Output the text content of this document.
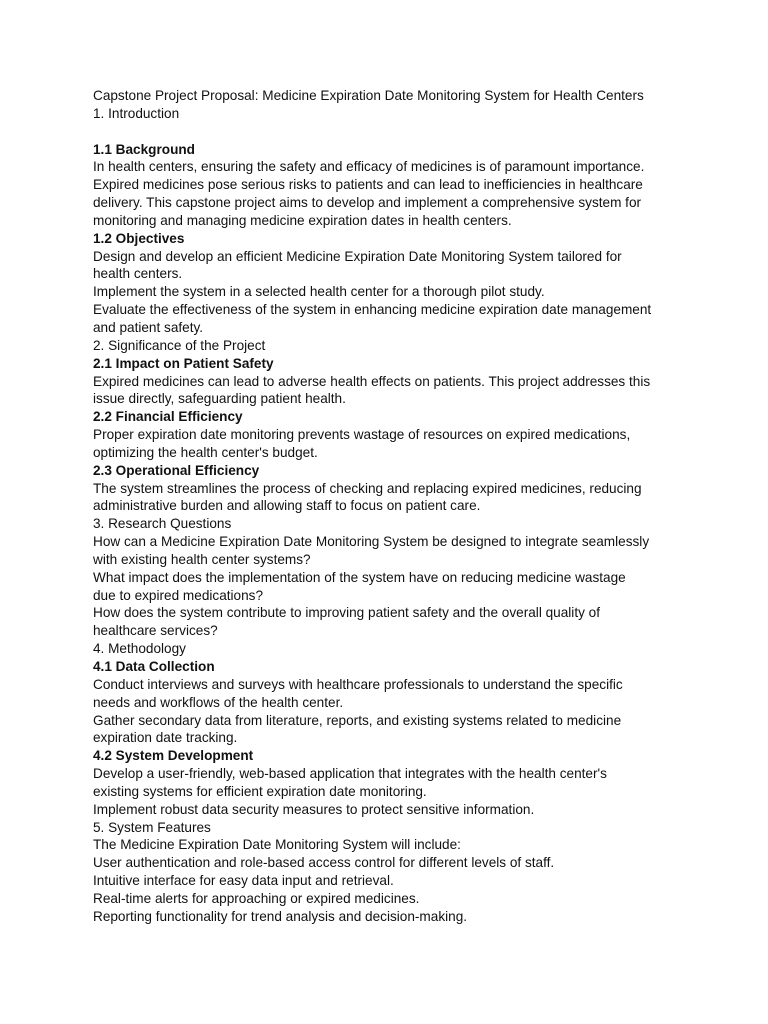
Capstone Project Proposal: Medicine Expiration Date Monitoring System for Health Centers
1. Introduction
1.1 Background
In health centers, ensuring the safety and efficacy of medicines is of paramount importance.
Expired medicines pose serious risks to patients and can lead to inefficiencies in healthcare
delivery. This capstone project aims to develop and implement a comprehensive system for
monitoring and managing medicine expiration dates in health centers.
1.2 Objectives
Design and develop an efficient Medicine Expiration Date Monitoring System tailored for
health centers.
Implement the system in a selected health center for a thorough pilot study.
Evaluate the effectiveness of the system in enhancing medicine expiration date management
and patient safety.
2. Significance of the Project
2.1 Impact on Patient Safety
Expired medicines can lead to adverse health effects on patients. This project addresses this
issue directly, safeguarding patient health.
2.2 Financial Efficiency
Proper expiration date monitoring prevents wastage of resources on expired medications,
optimizing the health center's budget.
2.3 Operational Efficiency
The system streamlines the process of checking and replacing expired medicines, reducing
administrative burden and allowing staff to focus on patient care.
3. Research Questions
How can a Medicine Expiration Date Monitoring System be designed to integrate seamlessly
with existing health center systems?
What impact does the implementation of the system have on reducing medicine wastage
due to expired medications?
How does the system contribute to improving patient safety and the overall quality of
healthcare services?
4. Methodology
4.1 Data Collection
Conduct interviews and surveys with healthcare professionals to understand the specific
needs and workflows of the health center.
Gather secondary data from literature, reports, and existing systems related to medicine
expiration date tracking.
4.2 System Development
Develop a user-friendly, web-based application that integrates with the health center's
existing systems for efficient expiration date monitoring.
Implement robust data security measures to protect sensitive information.
5. System Features
The Medicine Expiration Date Monitoring System will include:
User authentication and role-based access control for different levels of staff.
Intuitive interface for easy data input and retrieval.
Real-time alerts for approaching or expired medicines.
Reporting functionality for trend analysis and decision-making.
